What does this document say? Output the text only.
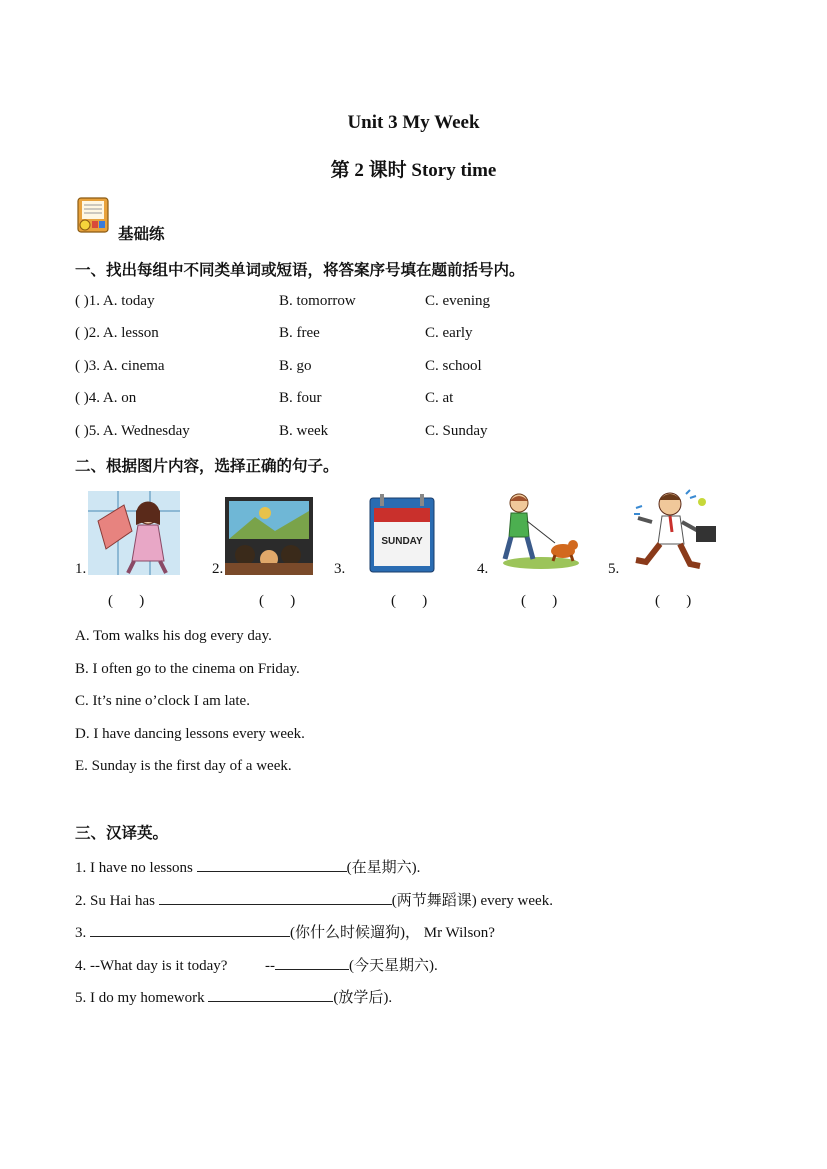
Unit 3 My Week
第 2 课时 Story time
基础练
一、找出每组中不同类单词或短语，将答案序号填在题前括号内。
( )1. A. today	B. tomorrow	C. evening
( )2. A. lesson	B. free	C. early
( )3. A. cinema	B. go	C. school
( )4. A. on	B. four	C. at
( )5. A. Wednesday	B. week	C. Sunday
二、根据图片内容，选择正确的句子。
1.
(       )
2.
(       )
3.
SUNDAY
(       )
4.
(       )
5.
(       )
A. Tom walks his dog every day.
B. I often go to the cinema on Friday.
C. It’s nine o’clock I am late.
D. I have dancing lessons every week.
E. Sunday is the first day of a week.
三、汉译英。
1. I have no lessons	(在星期六).
2. Su Hai has	(两节舞蹈课) every week.
3.	(你什么时候遛狗)， Mr Wilson?
4. --What day is it today?          --	(今天星期六).
5. I do my homework	(放学后).
